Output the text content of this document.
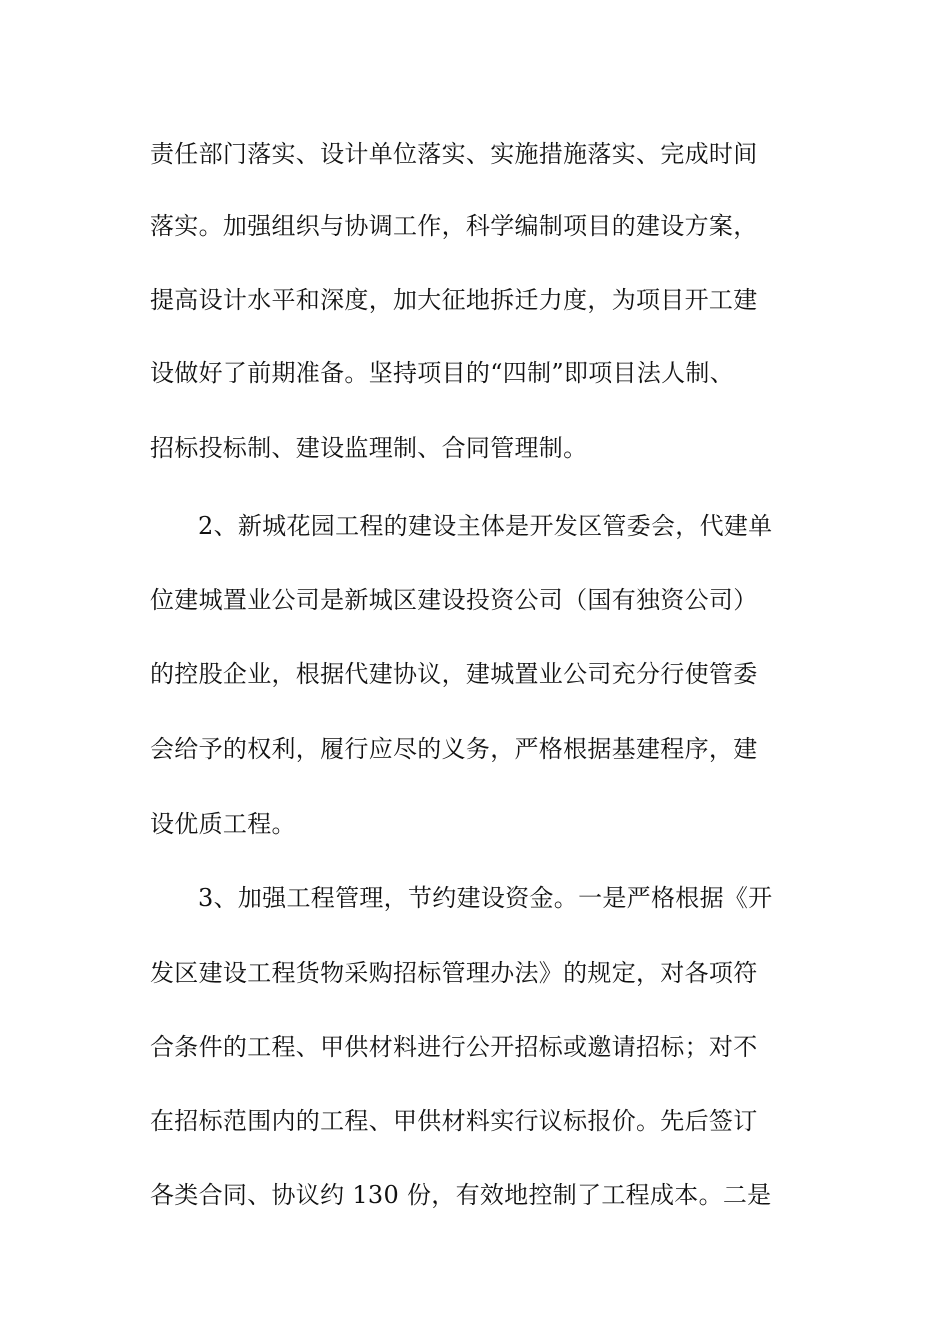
责任部门落实、设计单位落实、实施措施落实、完成时间
落实。加强组织与协调工作，科学编制项目的建设方案，
提高设计水平和深度，加大征地拆迁力度，为项目开工建
设做好了前期准备。坚持项目的“四制”即项目法人制、
招标投标制、建设监理制、合同管理制。
2、新城花园工程的建设主体是开发区管委会，代建单
位建城置业公司是新城区建设投资公司（国有独资公司）
的控股企业，根据代建协议，建城置业公司充分行使管委
会给予的权利，履行应尽的义务，严格根据基建程序，建
设优质工程。
3、加强工程管理，节约建设资金。一是严格根据《开
发区建设工程货物采购招标管理办法》的规定，对各项符
合条件的工程、甲供材料进行公开招标或邀请招标；对不
在招标范围内的工程、甲供材料实行议标报价。先后签订
各类合同、协议约 130 份，有效地控制了工程成本。二是
